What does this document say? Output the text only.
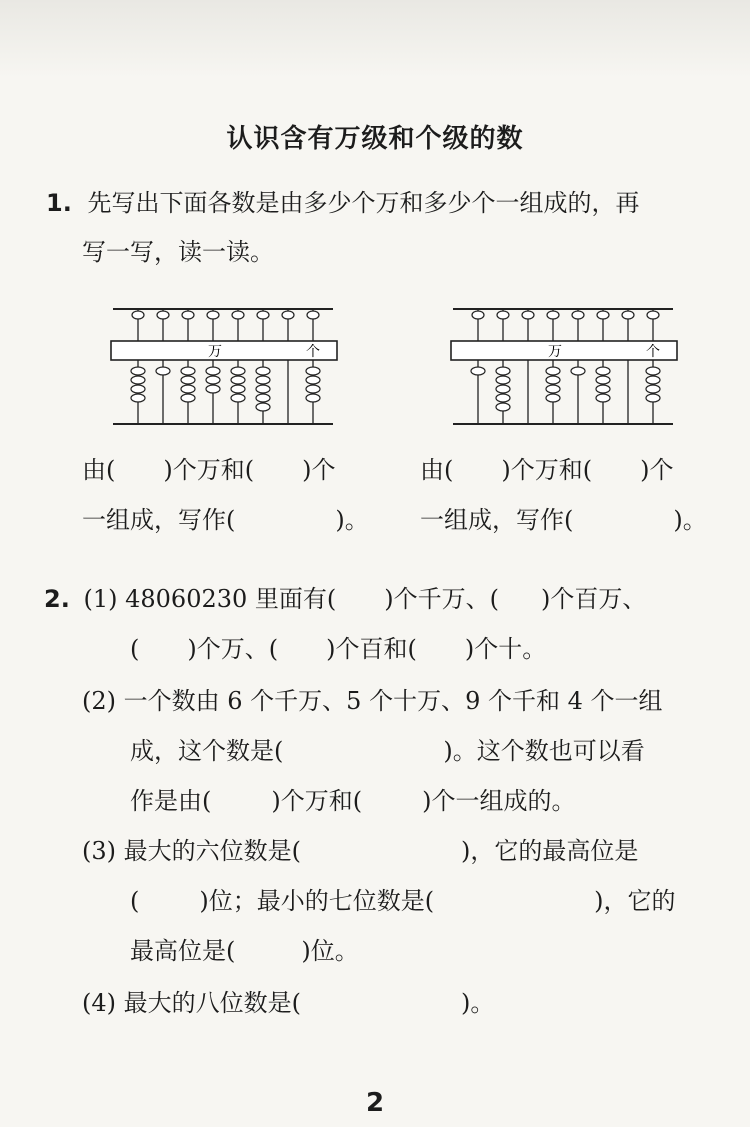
认识含有万级和个级的数
1. 先写出下面各数是由多少个万和多少个一组成的，再
写一写，读一读。
万	个	万	个
由( )个万和( )个
一组成，写作(	)。
由( )个万和( )个
一组成，写作(	)。
2. (1) 48060230 里面有( )个千万、( )个百万、
( )个万、( )个百和( )个十。
(2) 一个数由 6 个千万、5 个十万、9 个千和 4 个一组
成，这个数是(	)。这个数也可以看
作是由(	)个万和(	)个一组成的。
(3) 最大的六位数是(	)，它的最高位是
(	)位；最小的七位数是(	)，它的
最高位是(	)位。
(4) 最大的八位数是(	)。
2
